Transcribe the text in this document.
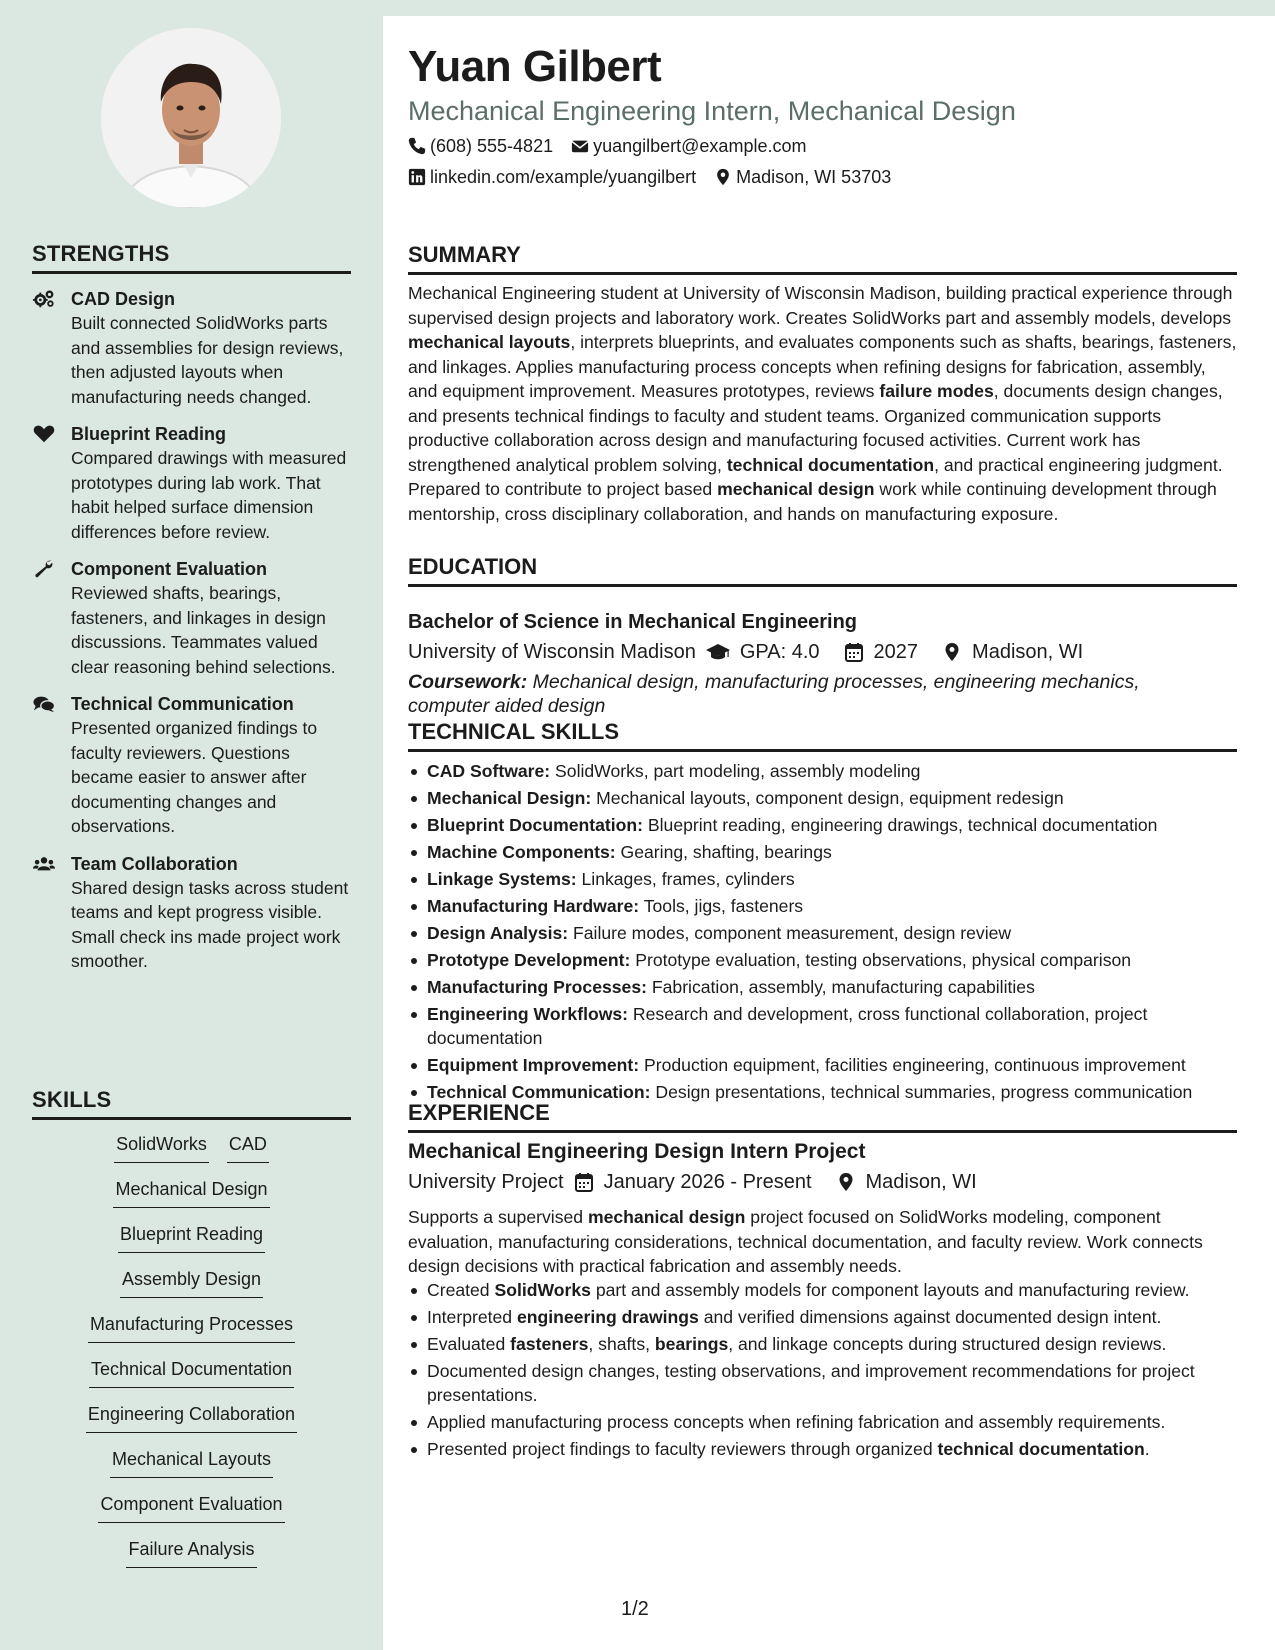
STRENGTHS
CAD Design
Built connected SolidWorks parts and assemblies for design reviews, then adjusted layouts when manufacturing needs changed.
Blueprint Reading
Compared drawings with measured prototypes during lab work. That habit helped surface dimension differences before review.
Component Evaluation
Reviewed shafts, bearings, fasteners, and linkages in design discussions. Teammates valued clear reasoning behind selections.
Technical Communication
Presented organized findings to faculty reviewers. Questions became easier to answer after documenting changes and observations.
Team Collaboration
Shared design tasks across student teams and kept progress visible. Small check ins made project work smoother.
SKILLS
SolidWorks CAD
Mechanical Design
Blueprint Reading
Assembly Design
Manufacturing Processes
Technical Documentation
Engineering Collaboration
Mechanical Layouts
Component Evaluation
Failure Analysis
Yuan Gilbert
Mechanical Engineering Intern, Mechanical Design
(608) 555-4821 yuangilbert@example.com
linkedin.com/example/yuangilbert Madison, WI 53703
SUMMARY
Mechanical Engineering student at University of Wisconsin Madison, building practical experience through supervised design projects and laboratory work. Creates SolidWorks part and assembly models, develops mechanical layouts, interprets blueprints, and evaluates components such as shafts, bearings, fasteners, and linkages. Applies manufacturing process concepts when refining designs for fabrication, assembly, and equipment improvement. Measures prototypes, reviews failure modes, documents design changes, and presents technical findings to faculty and student teams. Organized communication supports productive collaboration across design and manufacturing focused activities. Current work has strengthened analytical problem solving, technical documentation, and practical engineering judgment. Prepared to contribute to project based mechanical design work while continuing development through mentorship, cross disciplinary collaboration, and hands on manufacturing exposure.
EDUCATION
Bachelor of Science in Mechanical Engineering
University of Wisconsin Madison GPA: 4.0	2027	Madison, WI
Coursework: Mechanical design, manufacturing processes, engineering mechanics, computer aided design
TECHNICAL SKILLS
CAD Software: SolidWorks, part modeling, assembly modeling
Mechanical Design: Mechanical layouts, component design, equipment redesign
Blueprint Documentation: Blueprint reading, engineering drawings, technical documentation
Machine Components: Gearing, shafting, bearings
Linkage Systems: Linkages, frames, cylinders
Manufacturing Hardware: Tools, jigs, fasteners
Design Analysis: Failure modes, component measurement, design review
Prototype Development: Prototype evaluation, testing observations, physical comparison
Manufacturing Processes: Fabrication, assembly, manufacturing capabilities
Engineering Workflows: Research and development, cross functional collaboration, project documentation
Equipment Improvement: Production equipment, facilities engineering, continuous improvement
Technical Communication: Design presentations, technical summaries, progress communication
EXPERIENCE
Mechanical Engineering Design Intern Project
University Project January 2026 - Present	Madison, WI
Supports a supervised mechanical design project focused on SolidWorks modeling, component evaluation, manufacturing considerations, technical documentation, and faculty review. Work connects design decisions with practical fabrication and assembly needs.
Created SolidWorks part and assembly models for component layouts and manufacturing review.
Interpreted engineering drawings and verified dimensions against documented design intent.
Evaluated fasteners, shafts, bearings, and linkage concepts during structured design reviews.
Documented design changes, testing observations, and improvement recommendations for project presentations.
Applied manufacturing process concepts when refining fabrication and assembly requirements.
Presented project findings to faculty reviewers through organized technical documentation.
1/2
